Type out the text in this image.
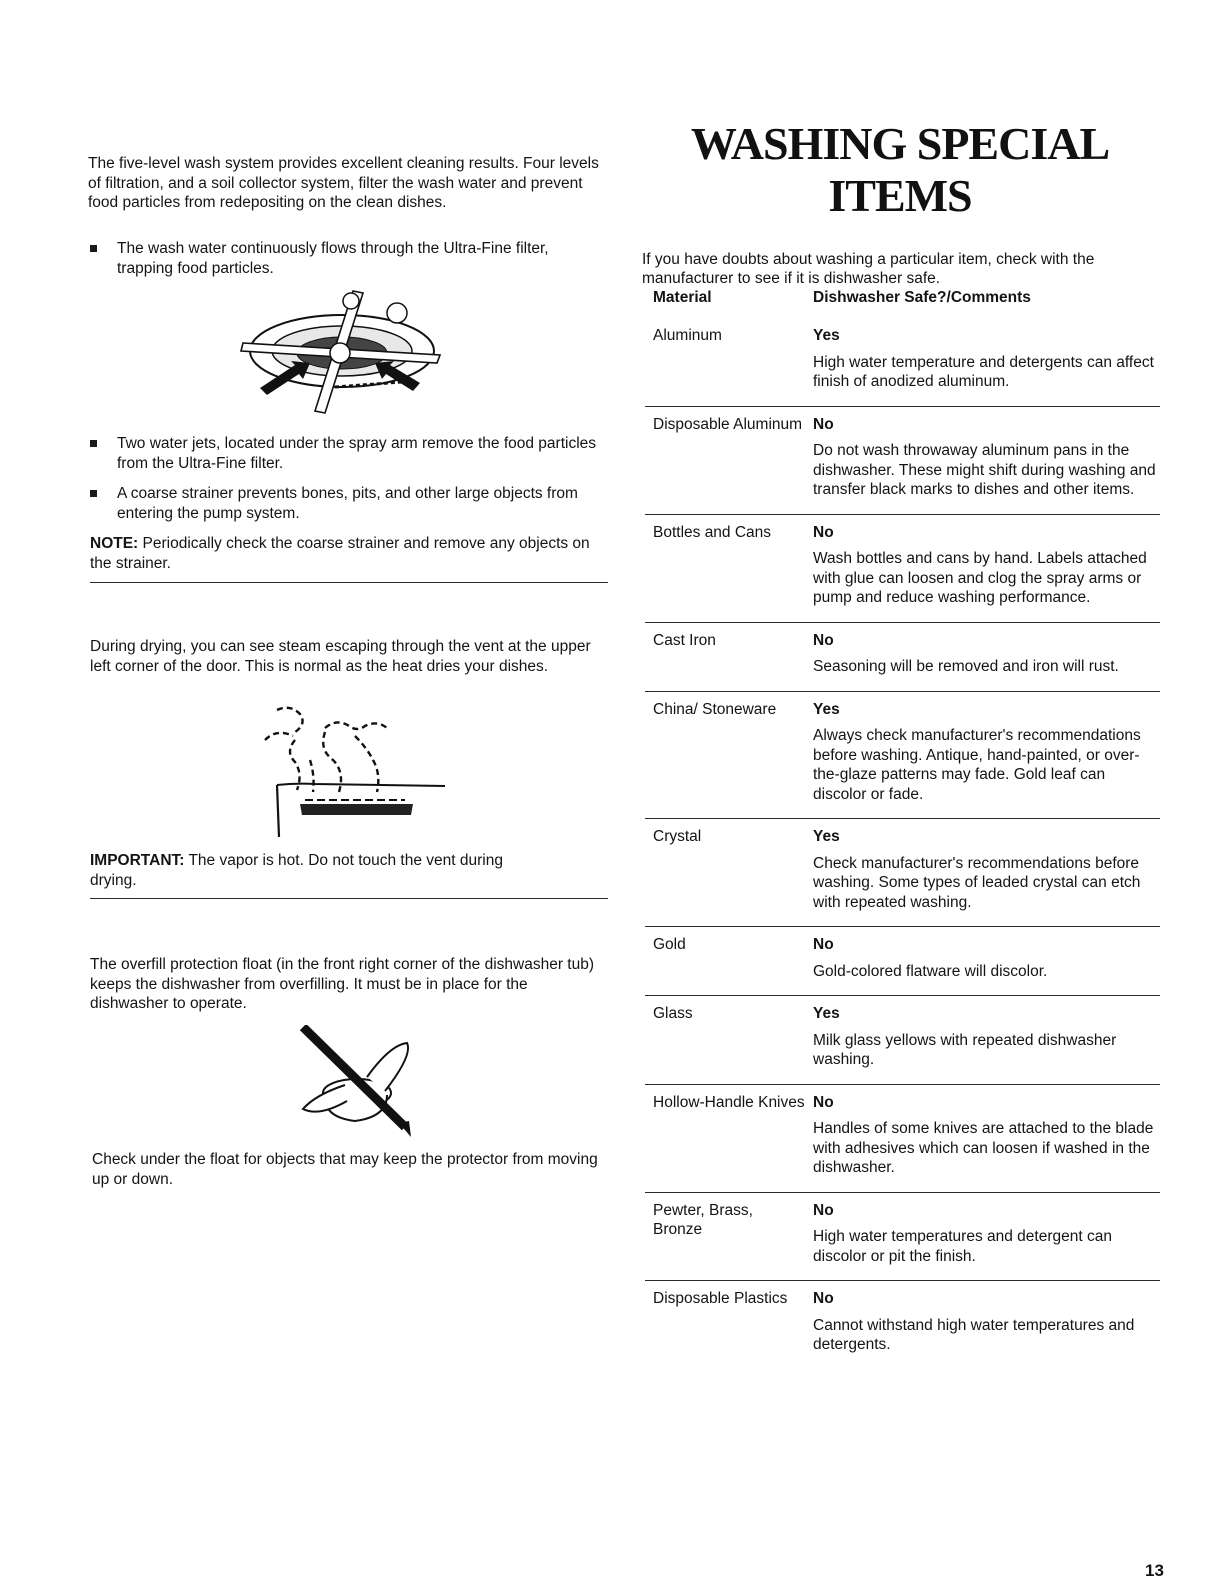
The five-level wash system provides excellent cleaning results. Four levels of filtration, and a soil collector system, filter the wash water and prevent food particles from redepositing on the clean dishes.

The wash water continuously flows through the Ultra-Fine filter, trapping food particles.
Two water jets, located under the spray arm remove the food particles from the Ultra-Fine filter.
A coarse strainer prevents bones, pits, and other large objects from entering the pump system.

NOTE: Periodically check the coarse strainer and remove any objects on the strainer.

During drying, you can see steam escaping through the vent at the upper left corner of the door. This is normal as the heat dries your dishes.

IMPORTANT: The vapor is hot. Do not touch the vent during drying.

The overfill protection float (in the front right corner of the dishwasher tub) keeps the dishwasher from overfilling. It must be in place for the dishwasher to operate.

Check under the float for objects that may keep the protector from moving up or down.

WASHING SPECIAL
ITEMS

If you have doubts about washing a particular item, check with the manufacturer to see if it is dishwasher safe.

Material	Dishwasher Safe?/Comments
Aluminum	Yes
High water temperature and detergents can affect finish of anodized aluminum.
Disposable Aluminum	No
Do not wash throwaway aluminum pans in the dishwasher. These might shift during washing and transfer black marks to dishes and other items.
Bottles and Cans	No
Wash bottles and cans by hand. Labels attached with glue can loosen and clog the spray arms or pump and reduce washing performance.
Cast Iron	No
Seasoning will be removed and iron will rust.
China/ Stoneware	Yes
Always check manufacturer's recommendations before washing. Antique, hand-painted, or over-the-glaze patterns may fade. Gold leaf can discolor or fade.
Crystal	Yes
Check manufacturer's recommendations before washing. Some types of leaded crystal can etch with repeated washing.
Gold	No
Gold-colored flatware will discolor.
Glass	Yes
Milk glass yellows with repeated dishwasher washing.
Hollow-Handle Knives	No
Handles of some knives are attached to the blade with adhesives which can loosen if washed in the dishwasher.
Pewter, Brass, Bronze	No
High water temperatures and detergent can discolor or pit the finish.
Disposable Plastics	No
Cannot withstand high water temperatures and detergents.
13
